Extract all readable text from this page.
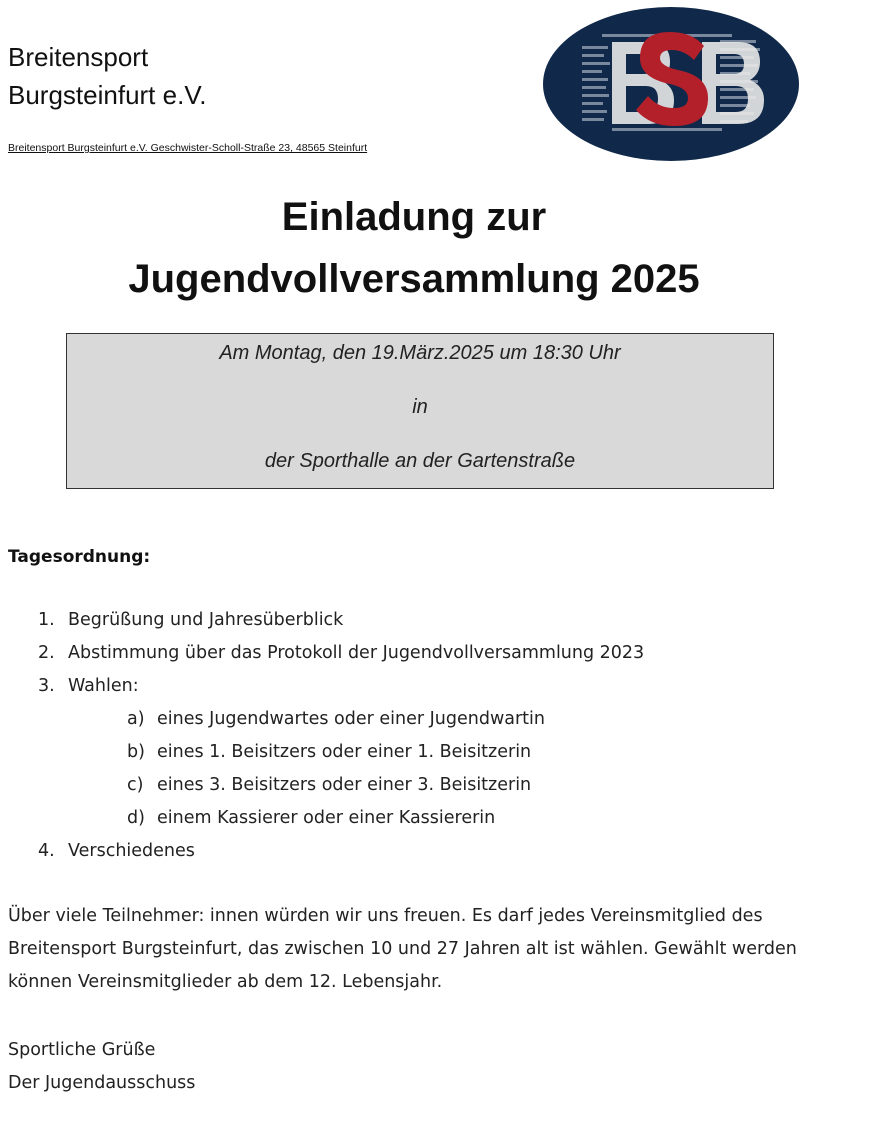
Breitensport
Burgsteinfurt e.V.
Breitensport Burgsteinfurt e.V. Geschwister-Scholl-Straße 23, 48565 Steinfurt
Einladung zur
Jugendvollversammlung 2025
Am Montag, den 19.März.2025 um 18:30 Uhr
in
der Sporthalle an der Gartenstraße
Tagesordnung:
1. Begrüßung und Jahresüberblick
2. Abstimmung über das Protokoll der Jugendvollversammlung 2023
3. Wahlen:
a) eines Jugendwartes oder einer Jugendwartin
b) eines 1. Beisitzers oder einer 1. Beisitzerin
c) eines 3. Beisitzers oder einer 3. Beisitzerin
d) einem Kassierer oder einer Kassiererin
4. Verschiedenes
Über viele Teilnehmer: innen würden wir uns freuen. Es darf jedes Vereinsmitglied des
Breitensport Burgsteinfurt, das zwischen 10 und 27 Jahren alt ist wählen. Gewählt werden
können Vereinsmitglieder ab dem 12. Lebensjahr.
Sportliche Grüße
Der Jugendausschuss
